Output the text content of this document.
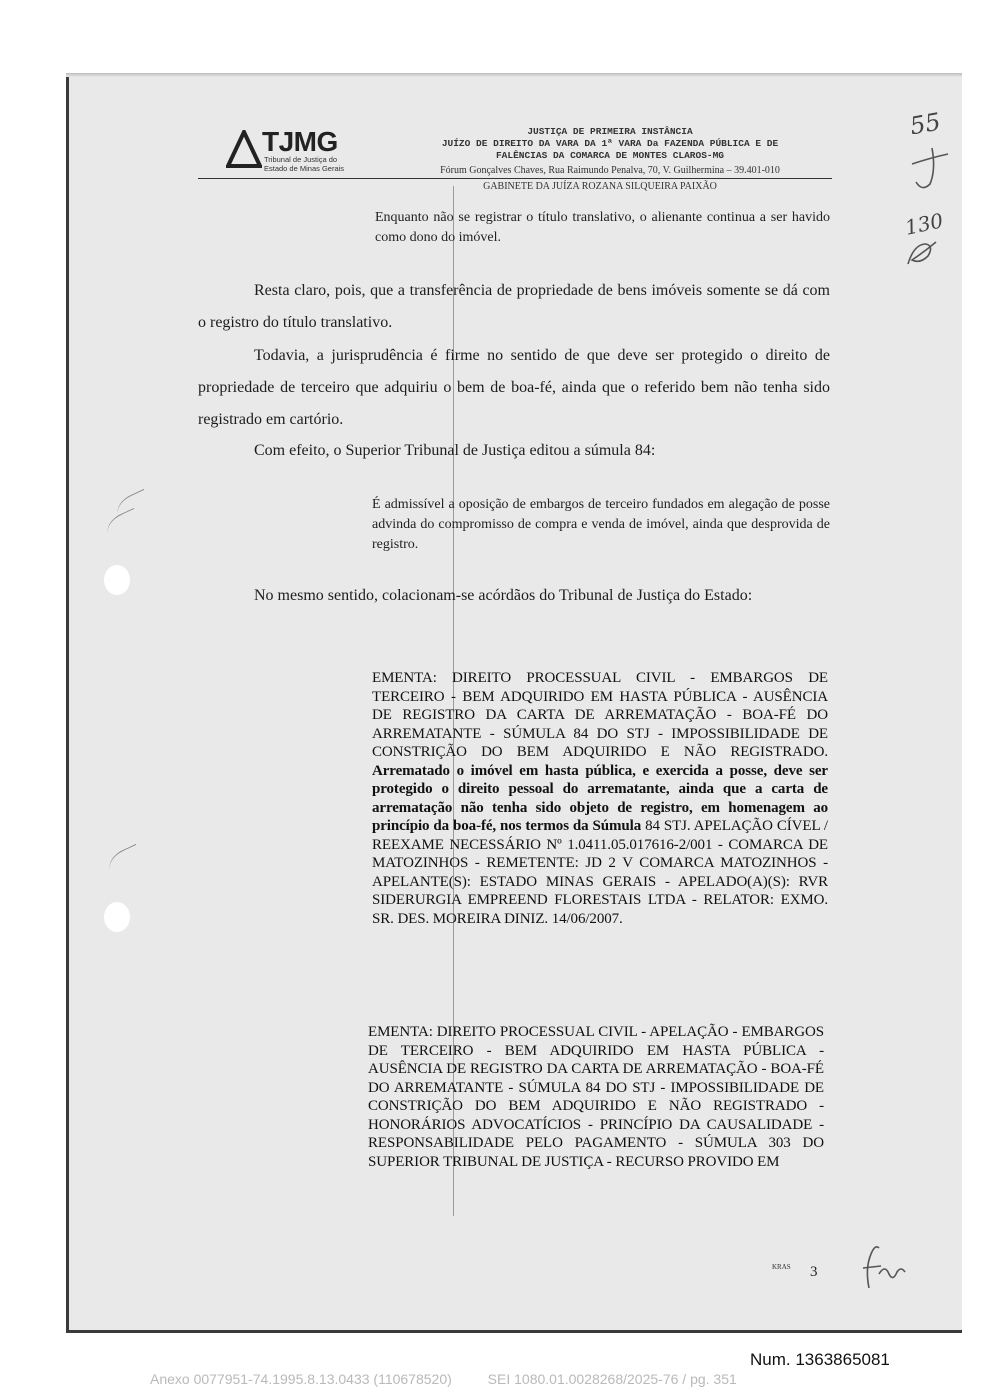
TJMG
Tribunal de Justiça do
Estado de Minas Gerais
JUSTIÇA DE PRIMEIRA INSTÂNCIA
JUÍZO DE DIREITO DA VARA DA 1ª VARA Da FAZENDA PÚBLICA E DE
FALÊNCIAS DA COMARCA DE MONTES CLAROS-MG
Fórum Gonçalves Chaves, Rua Raimundo Penalva, 70, V. Guilhermina – 39.401-010
GABINETE DA JUÍZA ROZANA SILQUEIRA PAIXÃO
Enquanto não se registrar o título translativo, o alienante continua a ser havido como dono do imóvel.
Resta claro, pois, que a transferência de propriedade de bens imóveis somente se dá com o registro do título translativo.
Todavia, a jurisprudência é firme no sentido de que deve ser protegido o direito de propriedade de terceiro que adquiriu o bem de boa-fé, ainda que o referido bem não tenha sido registrado em cartório.
Com efeito, o Superior Tribunal de Justiça editou a súmula 84:
É admissível a oposição de embargos de terceiro fundados em alegação de posse advinda do compromisso de compra e venda de imóvel, ainda que desprovida de registro.
No mesmo sentido, colacionam-se acórdãos do Tribunal de Justiça do Estado:
EMENTA: DIREITO PROCESSUAL CIVIL - EMBARGOS DE TERCEIRO - BEM ADQUIRIDO EM HASTA PÚBLICA - AUSÊNCIA DE REGISTRO DA CARTA DE ARREMATAÇÃO - BOA-FÉ DO ARREMATANTE - SÚMULA 84 DO STJ - IMPOSSIBILIDADE DE CONSTRIÇÃO DO BEM ADQUIRIDO E NÃO REGISTRADO. Arrematado o imóvel em hasta pública, e exercida a posse, deve ser protegido o direito pessoal do arrematante, ainda que a carta de arrematação não tenha sido objeto de registro, em homenagem ao princípio da boa-fé, nos termos da Súmula 84 STJ. APELAÇÃO CÍVEL / REEXAME NECESSÁRIO Nº 1.0411.05.017616-2/001 - COMARCA DE MATOZINHOS - REMETENTE: JD 2 V COMARCA MATOZINHOS - APELANTE(S): ESTADO MINAS GERAIS - APELADO(A)(S): RVR SIDERURGIA EMPREEND FLORESTAIS LTDA - RELATOR: EXMO. SR. DES. MOREIRA DINIZ. 14/06/2007.
EMENTA: DIREITO PROCESSUAL CIVIL - APELAÇÃO - EMBARGOS DE TERCEIRO - BEM ADQUIRIDO EM HASTA PÚBLICA - AUSÊNCIA DE REGISTRO DA CARTA DE ARREMATAÇÃO - BOA-FÉ DO ARREMATANTE - SÚMULA 84 DO STJ - IMPOSSIBILIDADE DE CONSTRIÇÃO DO BEM ADQUIRIDO E NÃO REGISTRADO - HONORÁRIOS ADVOCATÍCIOS - PRINCÍPIO DA CAUSALIDADE - RESPONSABILIDADE PELO PAGAMENTO - SÚMULA 303 DO SUPERIOR TRIBUNAL DE JUSTIÇA - RECURSO PROVIDO EM
KRAS 3
55
130
Num. 1363865081
Anexo 0077951-74.1995.8.13.0433 (110678520)	SEI 1080.01.0028268/2025-76 / pg. 351
